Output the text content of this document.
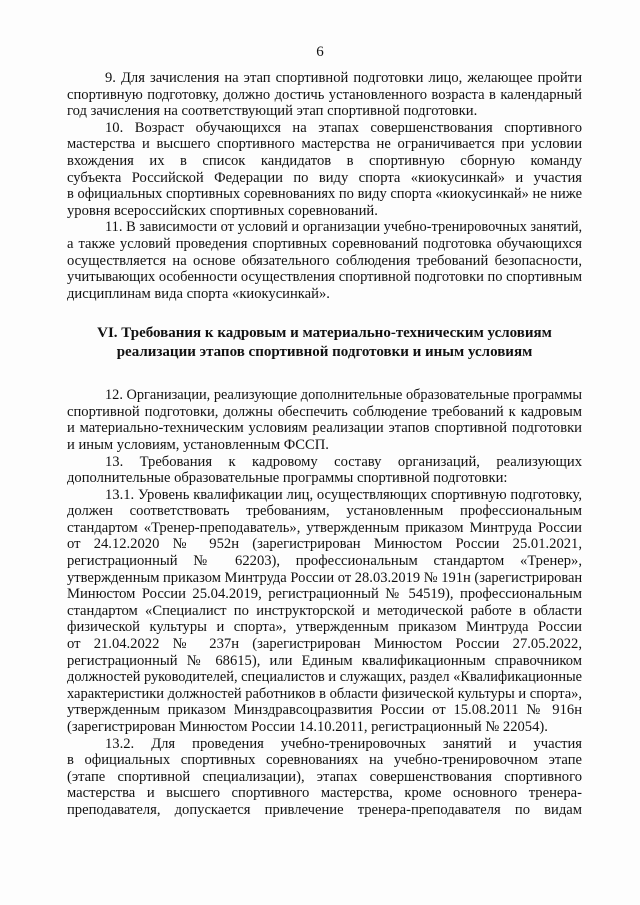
6

9. Для зачисления на этап спортивной подготовки лицо, желающее пройти
спортивную подготовку, должно достичь установленного возраста в календарный
год зачисления на соответствующий этап спортивной подготовки.

10. Возраст обучающихся на этапах совершенствования спортивного
мастерства и высшего спортивного мастерства не ограничивается при условии
вхождения их в список кандидатов в спортивную сборную команду
субъекта Российской Федерации по виду спорта «киокусинкай» и участия
в официальных спортивных соревнованиях по виду спорта «киокусинкай» не ниже
уровня всероссийских спортивных соревнований.

11. В зависимости от условий и организации учебно-тренировочных занятий,
а также условий проведения спортивных соревнований подготовка обучающихся
осуществляется на основе обязательного соблюдения требований безопасности,
учитывающих особенности осуществления спортивной подготовки по спортивным
дисциплинам вида спорта «киокусинкай».

VI. Требования к кадровым и материально-техническим условиям
реализации этапов спортивной подготовки и иным условиям

12. Организации, реализующие дополнительные образовательные программы
спортивной подготовки, должны обеспечить соблюдение требований к кадровым
и материально-техническим условиям реализации этапов спортивной подготовки
и иным условиям, установленным ФССП.

13. Требования к кадровому составу организаций, реализующих
дополнительные образовательные программы спортивной подготовки:

13.1. Уровень квалификации лиц, осуществляющих спортивную подготовку,
должен соответствовать требованиям, установленным профессиональным
стандартом «Тренер-преподаватель», утвержденным приказом Минтруда России
от 24.12.2020 № 952н (зарегистрирован Минюстом России 25.01.2021,
регистрационный № 62203), профессиональным стандартом «Тренер»,
утвержденным приказом Минтруда России от 28.03.2019 № 191н (зарегистрирован
Минюстом России 25.04.2019, регистрационный № 54519), профессиональным
стандартом «Специалист по инструкторской и методической работе в области
физической культуры и спорта», утвержденным приказом Минтруда России
от 21.04.2022 № 237н (зарегистрирован Минюстом России 27.05.2022,
регистрационный № 68615), или Единым квалификационным справочником
должностей руководителей, специалистов и служащих, раздел «Квалификационные
характеристики должностей работников в области физической культуры и спорта»,
утвержденным приказом Минздравсоцразвития России от 15.08.2011 № 916н
(зарегистрирован Минюстом России 14.10.2011, регистрационный № 22054).

13.2. Для проведения учебно-тренировочных занятий и участия
в официальных спортивных соревнованиях на учебно-тренировочном этапе
(этапе спортивной специализации), этапах совершенствования спортивного
мастерства и высшего спортивного мастерства, кроме основного тренера-
преподавателя, допускается привлечение тренера-преподавателя по видам
